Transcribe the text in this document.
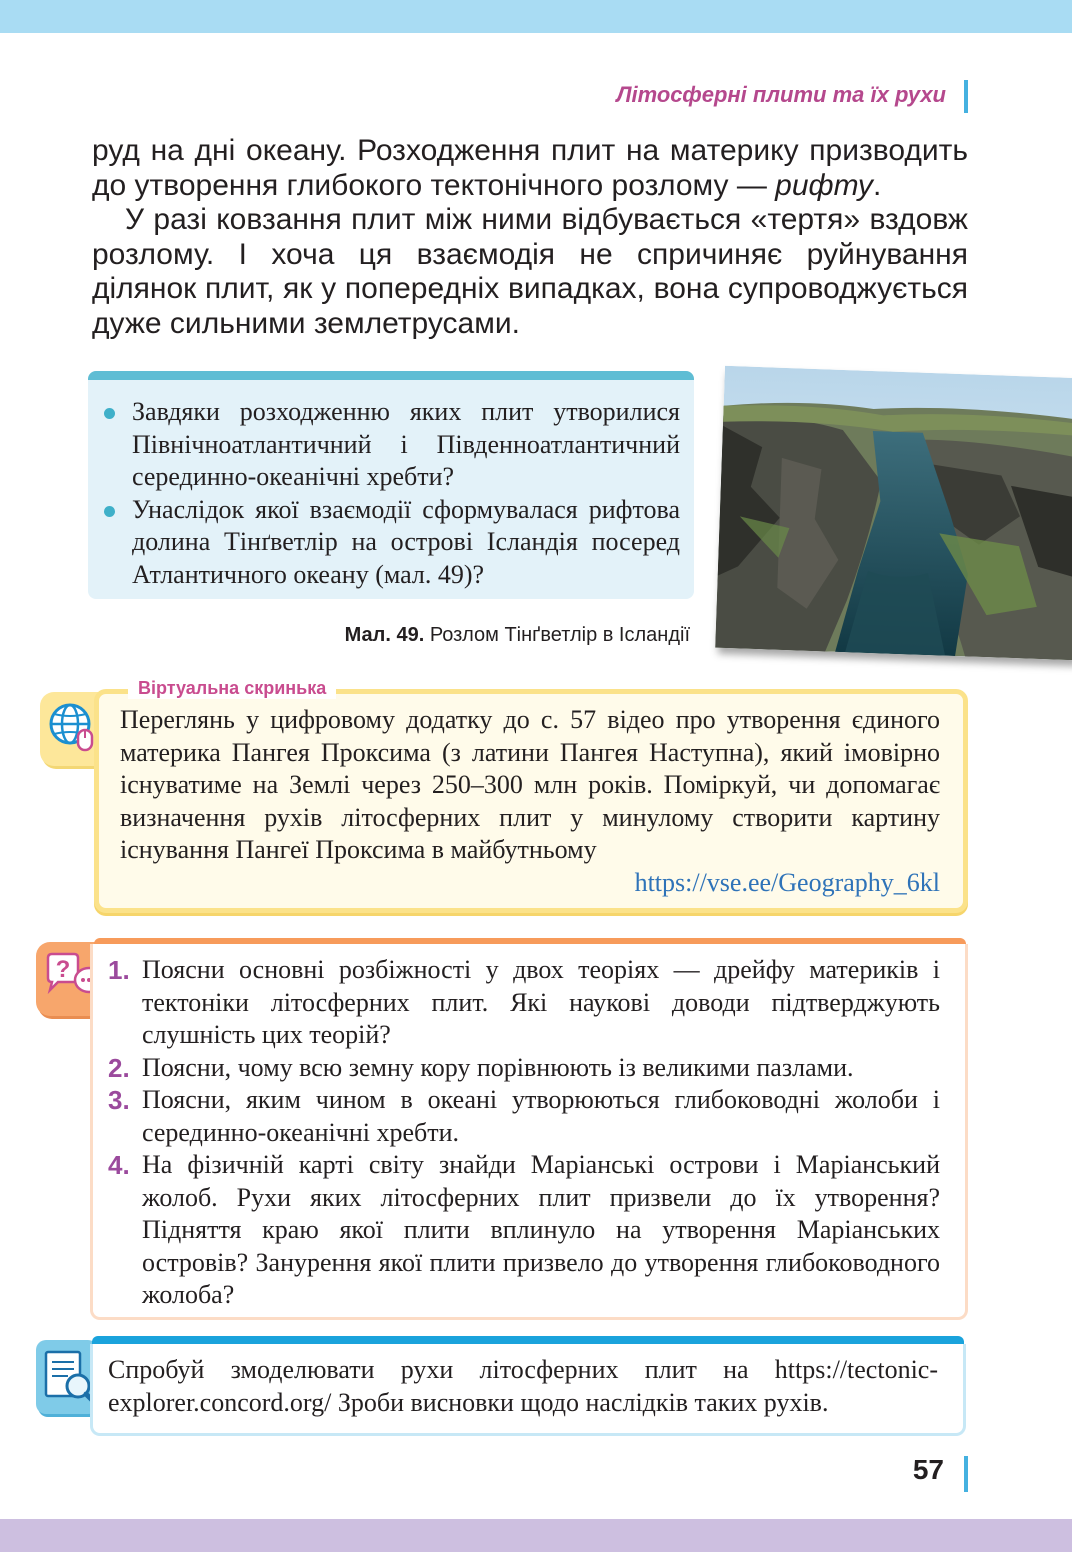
Літосферні плити та їх рухи

руд на дні океану. Розходження плит на материку призводить до утворення глибокого тектонічного розлому — рифту.

У разі ковзання плит між ними відбувається «тертя» вздовж розлому. І хоча ця взаємодія не спричиняє руйнування ділянок плит, як у попередніх випадках, вона супроводжується дуже сильними землетрусами.

Завдяки розходженню яких плит утворилися Північноатлантичний і Південноатлантичний серединно-океанічні хребти?
Унаслідок якої взаємодії сформувалася рифтова долина Тінґветлір на острові Ісландія посеред Атлантичного океану (мал. 49)?
Мал. 49. Розлом Тінґветлір в Ісландії
Віртуальна скринька
Переглянь у цифровому додатку до с. 57 відео про утворення єдиного материка Пангея Проксима (з латини Пангея Наступна), який імовірно існуватиме на Землі через 250–300 млн років. Поміркуй, чи допомагає визначення рухів літосферних плит у минулому створити картину існування Пангеї Проксима в майбутньому
https://vse.ee/Geography_6kl
? 1. Поясни основні розбіжності у двох теоріях — дрейфу материків і тектоніки літосферних плит. Які наукові доводи підтверджують слушність цих теорій?
2. Поясни, чому всю земну кору порівнюють із великими пазлами.
3. Поясни, яким чином в океані утворюються глибоководні жолоби і серединно-океанічні хребти.
4. На фізичній карті світу знайди Маріанські острови і Маріанський жолоб. Рухи яких літосферних плит призвели до їх утворення? Підняття краю якої плити вплинуло на утворення Маріанських островів? Занурення якої плити призвело до утворення глибоководного жолоба?
Спробуй змоделювати рухи літосферних плит на https://tectonic-explorer.concord.org/ Зроби висновки щодо наслідків таких рухів.
57
